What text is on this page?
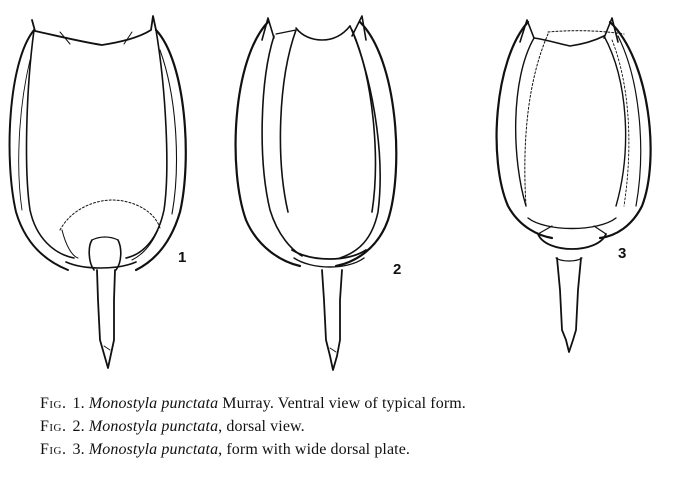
1
2
3
Fig. 1. Monostyla punctata Murray. Ventral view of typical form.
Fig. 2. Monostyla punctata, dorsal view.
Fig. 3. Monostyla punctata, form with wide dorsal plate.
